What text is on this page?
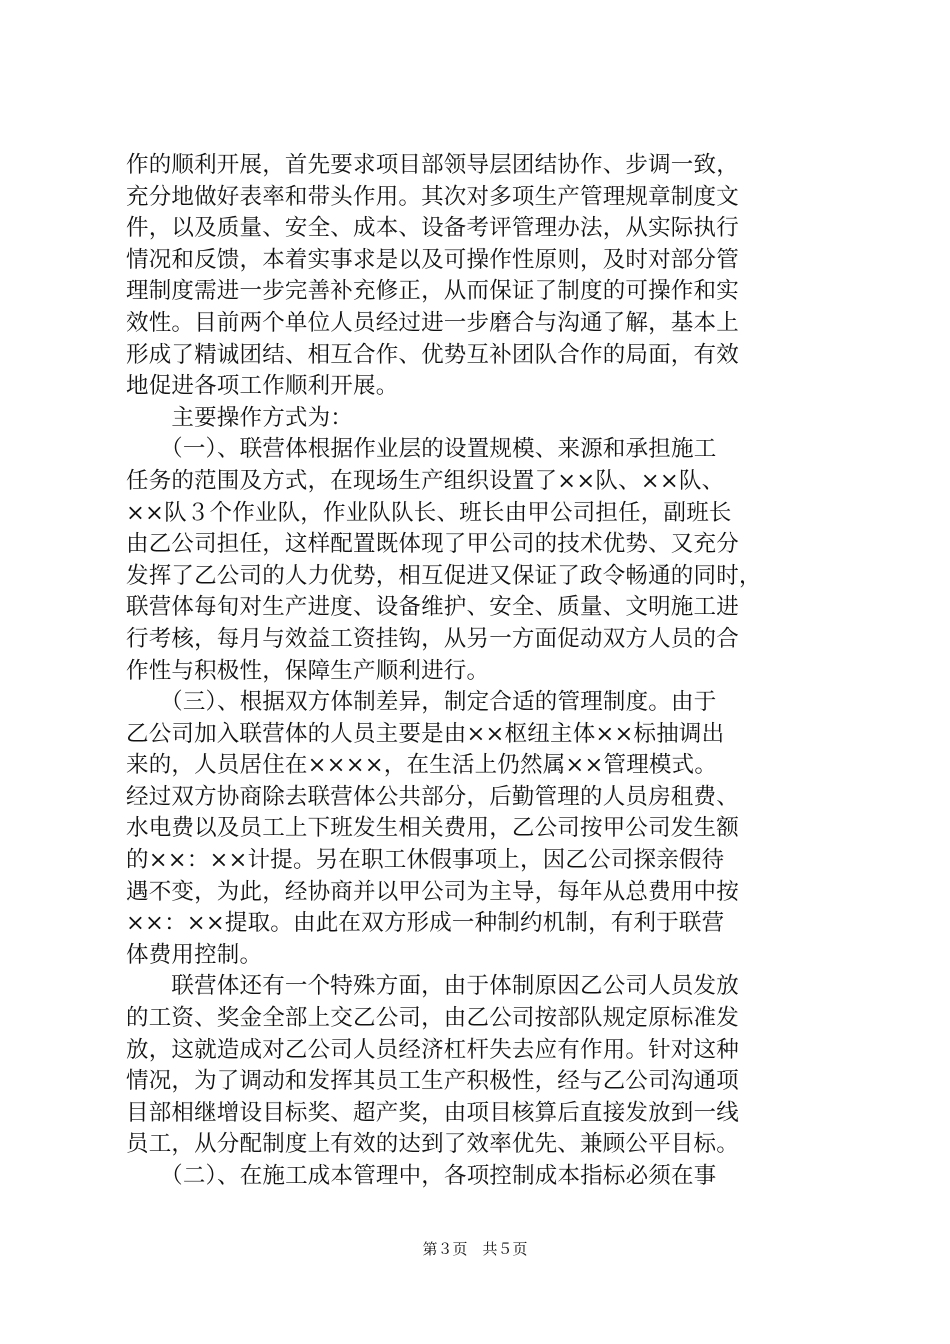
作的顺利开展，首先要求项目部领导层团结协作、步调一致，
充分地做好表率和带头作用。其次对多项生产管理规章制度文
件，以及质量、安全、成本、设备考评管理办法，从实际执行
情况和反馈，本着实事求是以及可操作性原则，及时对部分管
理制度需进一步完善补充修正，从而保证了制度的可操作和实
效性。目前两个单位人员经过进一步磨合与沟通了解，基本上
形成了精诚团结、相互合作、优势互补团队合作的局面，有效
地促进各项工作顺利开展。
　　主要操作方式为：
　　（一）、联营体根据作业层的设置规模、来源和承担施工
任务的范围及方式，在现场生产组织设置了××队、××队、
××队３个作业队，作业队队长、班长由甲公司担任，副班长
由乙公司担任，这样配置既体现了甲公司的技术优势、又充分
发挥了乙公司的人力优势，相互促进又保证了政令畅通的同时，
联营体每旬对生产进度、设备维护、安全、质量、文明施工进
行考核，每月与效益工资挂钩，从另一方面促动双方人员的合
作性与积极性，保障生产顺利进行。
　　（三）、根据双方体制差异，制定合适的管理制度。由于
乙公司加入联营体的人员主要是由××枢纽主体××标抽调出
来的，人员居住在××××，在生活上仍然属××管理模式。
经过双方协商除去联营体公共部分，后勤管理的人员房租费、
水电费以及员工上下班发生相关费用，乙公司按甲公司发生额
的××：××计提。另在职工休假事项上，因乙公司探亲假待
遇不变，为此，经协商并以甲公司为主导，每年从总费用中按
××：××提取。由此在双方形成一种制约机制，有利于联营
体费用控制。
　　联营体还有一个特殊方面，由于体制原因乙公司人员发放
的工资、奖金全部上交乙公司，由乙公司按部队规定原标准发
放，这就造成对乙公司人员经济杠杆失去应有作用。针对这种
情况，为了调动和发挥其员工生产积极性，经与乙公司沟通项
目部相继增设目标奖、超产奖，由项目核算后直接发放到一线
员工，从分配制度上有效的达到了效率优先、兼顾公平目标。
　　（二）、在施工成本管理中，各项控制成本指标必须在事
第３页　共５页
